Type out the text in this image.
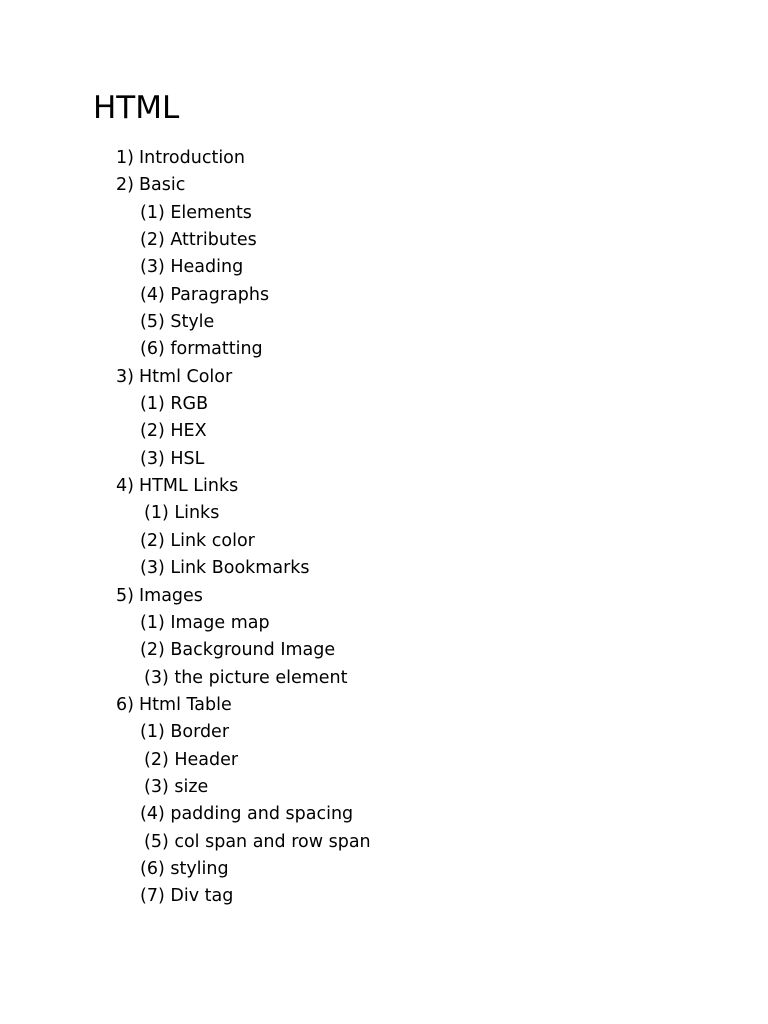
HTML
1) Introduction
2) Basic
(1) Elements
(2) Attributes
(3) Heading
(4) Paragraphs
(5) Style
(6) formatting
3) Html Color
(1) RGB
(2) HEX
(3) HSL
4) HTML Links
(1) Links
(2) Link color
(3) Link Bookmarks
5) Images
(1) Image map
(2) Background Image
(3) the picture element
6) Html Table
(1) Border
(2) Header
(3) size
(4) padding and spacing
(5) col span and row span
(6) styling
(7) Div tag
